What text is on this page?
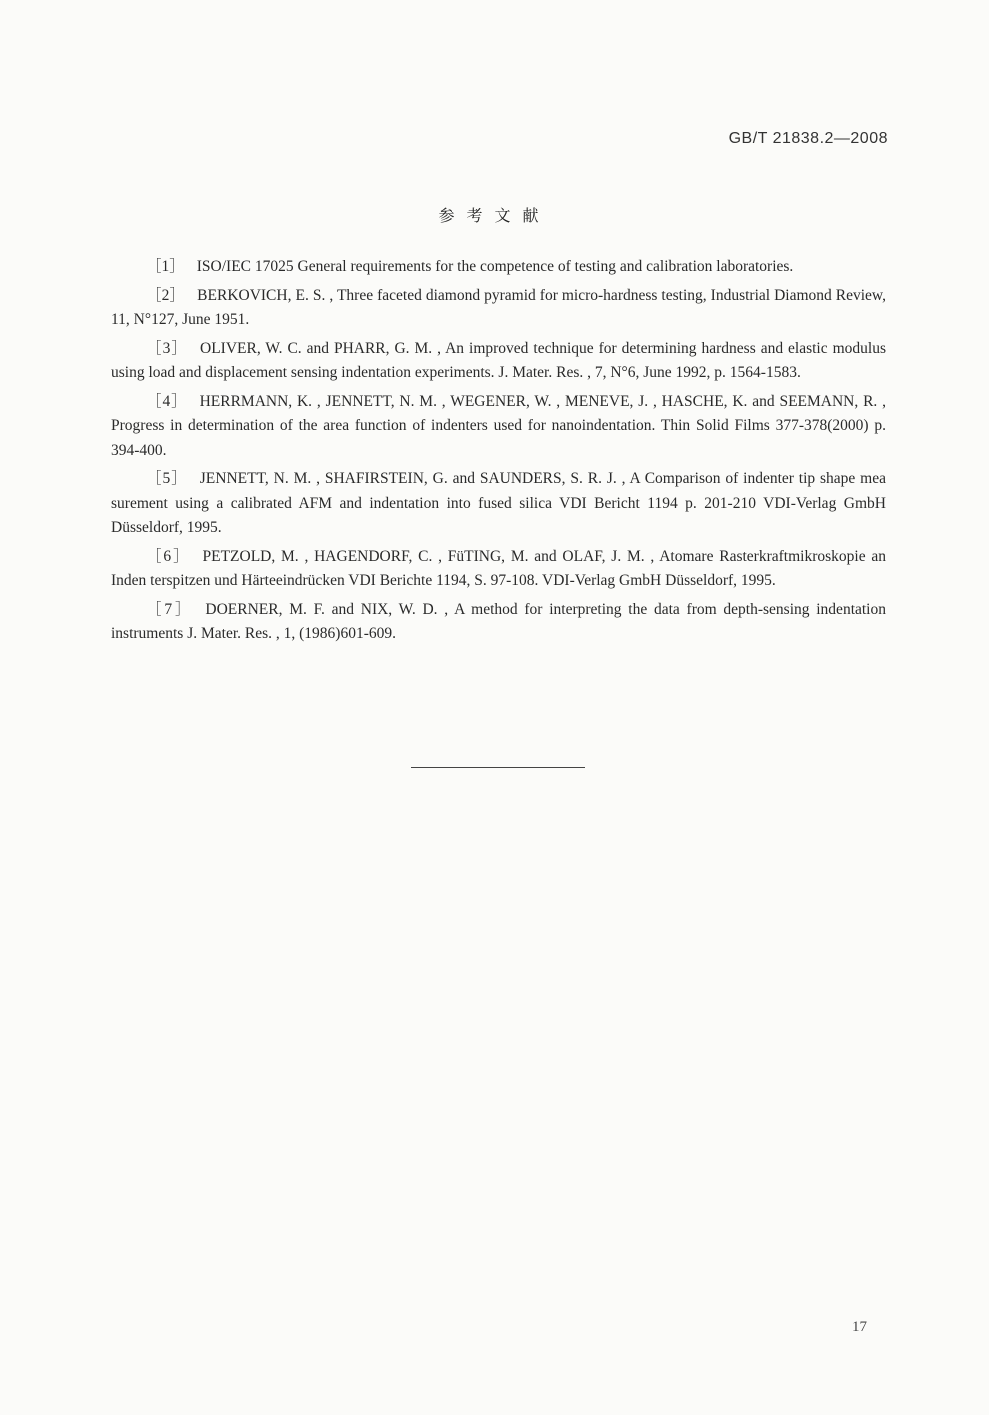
GB/T 21838.2—2008
参考文献

［1］ ISO/IEC 17025 General requirements for the competence of testing and calibration laboratories.

［2］ BERKOVICH, E. S. , Three faceted diamond pyramid for micro-hardness testing, Industrial Diamond Review, 11, N°127, June 1951.

［3］ OLIVER, W. C. and PHARR, G. M. , An improved technique for determining hardness and elastic modulus using load and displacement sensing indentation experiments. J. Mater. Res. , 7, N°6, June 1992, p. 1564-1583.

［4］ HERRMANN, K. , JENNETT, N. M. , WEGENER, W. , MENEVE, J. , HASCHE, K. and SEEMANN, R. , Progress in determination of the area function of indenters used for nanoindentation. Thin Solid Films 377-378(2000) p. 394-400.

［5］ JENNETT, N. M. , SHAFIRSTEIN, G. and SAUNDERS, S. R. J. , A Comparison of indenter tip shape mea surement using a calibrated AFM and indentation into fused silica VDI Bericht 1194 p. 201-210 VDI-Verlag GmbH Düsseldorf, 1995.

［6］ PETZOLD, M. , HAGENDORF, C. , FüTING, M. and OLAF, J. M. , Atomare Rasterkraftmikroskopie an Inden terspitzen und Härteeindrücken VDI Berichte 1194, S. 97-108. VDI-Verlag GmbH Düsseldorf, 1995.

［7］ DOERNER, M. F. and NIX, W. D. , A method for interpreting the data from depth-sensing indentation instruments J. Mater. Res. , 1, (1986)601-609.

17
